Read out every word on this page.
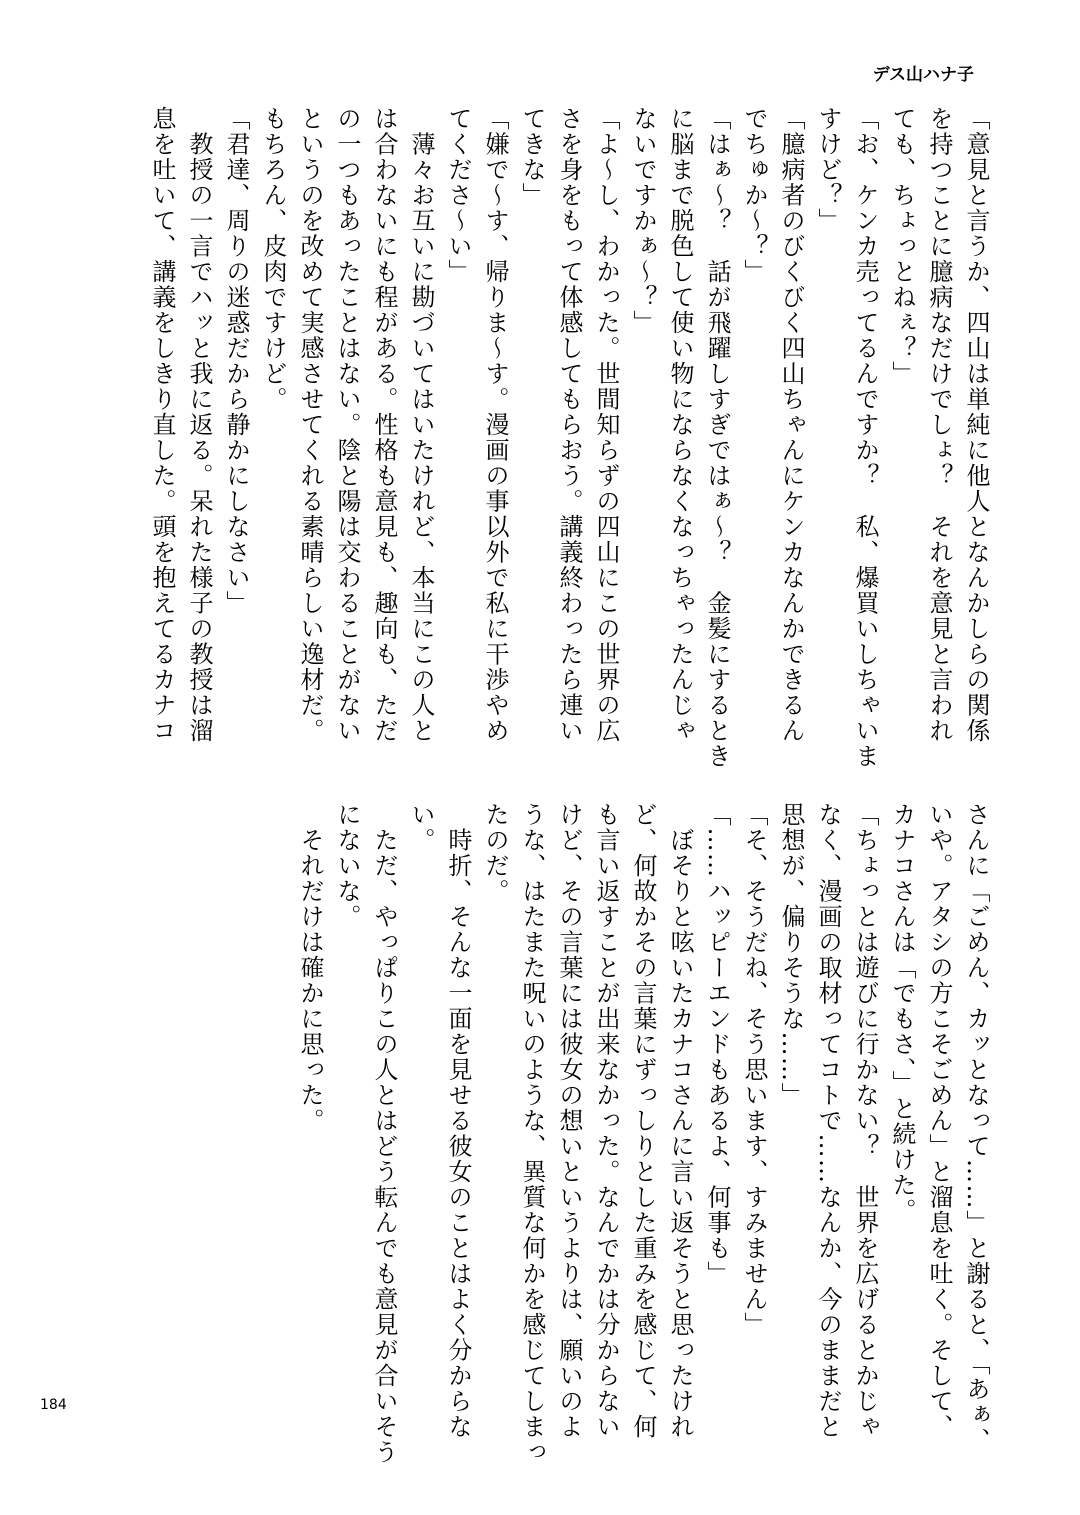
デス山ハナ子
「意見と言うか、四山は単純に他人となんかしらの関係
を持つことに臆病なだけでしょ？　それを意見と言われ
ても、ちょっとねぇ？」
「お、ケンカ売ってるんですか？　私、爆買いしちゃいま
すけど？」
「臆病者のびくびく四山ちゃんにケンカなんかできるん
でちゅか～？」
「はぁ～？　話が飛躍しすぎではぁ～？　金髪にするとき
に脳まで脱色して使い物にならなくなっちゃったんじゃ
ないですかぁ～？」
「よ～し、わかった。世間知らずの四山にこの世界の広
さを身をもって体感してもらおう。講義終わったら連い
てきな」
「嫌で～す、帰りま～す。漫画の事以外で私に干渉やめ
てくださ～い」
　薄々お互いに勘づいてはいたけれど、本当にこの人と
は合わないにも程がある。性格も意見も、趣向も、ただ
の一つもあったことはない。陰と陽は交わることがない
というのを改めて実感させてくれる素晴らしい逸材だ。
もちろん、皮肉ですけど。
「君達、周りの迷惑だから静かにしなさい」
　教授の一言でハッと我に返る。呆れた様子の教授は溜
息を吐いて、講義をしきり直した。頭を抱えてるカナコ
さんに「ごめん、カッとなって……」と謝ると、「あぁ、
いや。アタシの方こそごめん」と溜息を吐く。そして、
カナコさんは「でもさ、」と続けた。
「ちょっとは遊びに行かない？　世界を広げるとかじゃ
なく、漫画の取材ってコトで……なんか、今のままだと
思想が、偏りそうな……」
「そ、そうだね、そう思います、すみません」
「……ハッピーエンドもあるよ、何事も」
　ぼそりと呟いたカナコさんに言い返そうと思ったけれ
ど、何故かその言葉にずっしりとした重みを感じて、何
も言い返すことが出来なかった。なんでかは分からない
けど、その言葉には彼女の想いというよりは、願いのよ
うな、はたまた呪いのような、異質な何かを感じてしまっ
たのだ。
　時折、そんな一面を見せる彼女のことはよく分からな
い。
　ただ、やっぱりこの人とはどう転んでも意見が合いそう
にないな。
　それだけは確かに思った。
184
